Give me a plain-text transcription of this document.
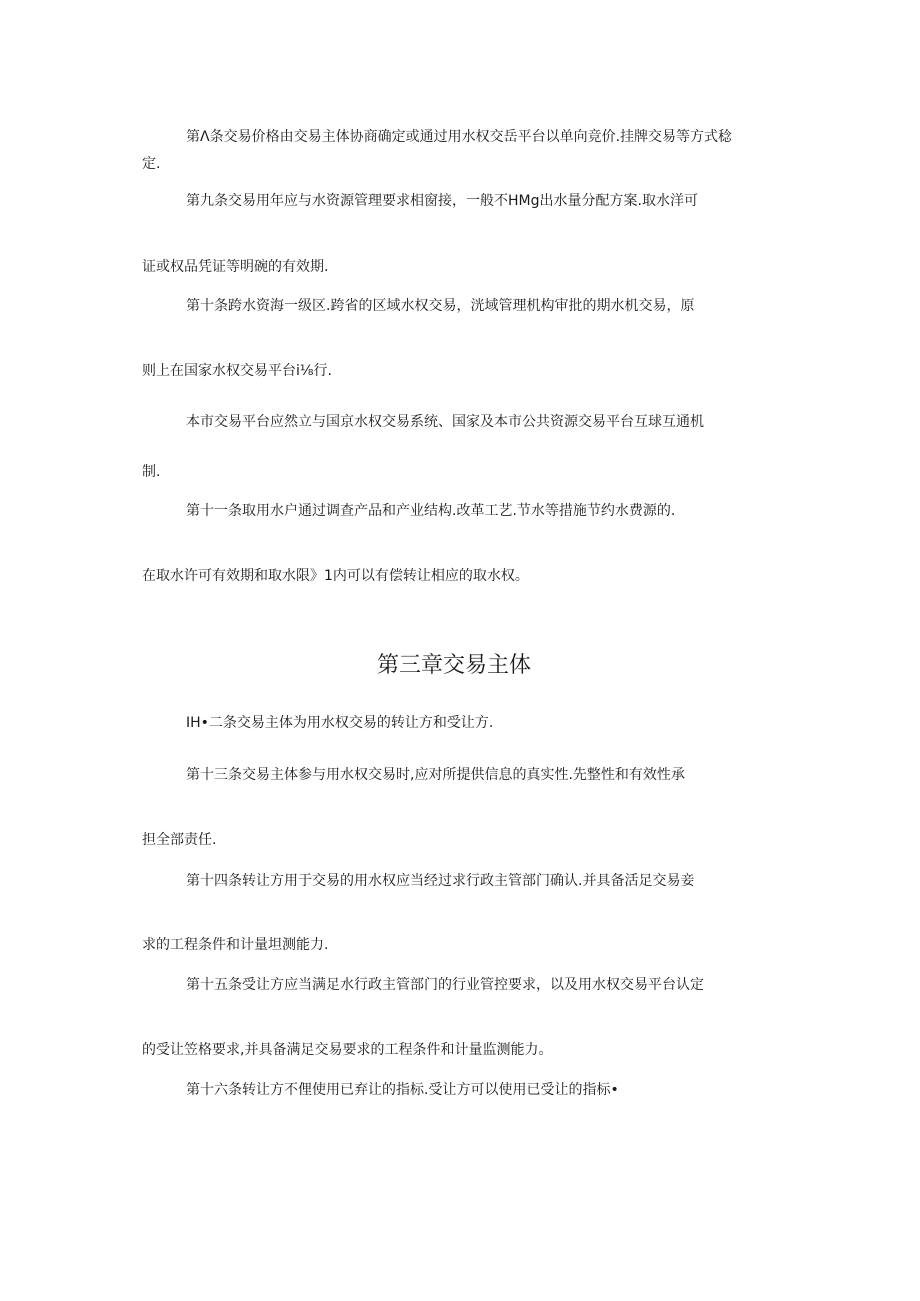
第Λ条交易价格由交易主体协商确定或通过用水权交岳平台以单向竞价.挂牌交易等方式稔
定.
第九条交易用年应与水资源管理要求相窗接，一般不HMg出水量分配方案.取水洋可
证或权品凭证等明碗的有效期.
第十条跨水资海一级区.跨省的区域水权交易，洸域管理机构审批的期水机交易，原
则上在国家水权交易平台i⅛行.
本市交易平台应然立与国京水权交易系统、国家及本市公共资源交易平台互球互通机
制.
第十一条取用水户通过调查产品和产业结构.改革工艺.节水等措施节约水费源的.
在取水许可有效期和取水限》1内可以有偿转让相应的取水权。
第三章交易主体
IH•二条交易主体为用水权交易的转让方和受让方.
第十三条交易主体参与用水权交易时,应对所提供信息的真实性.先整性和有效性承
担全部责任.
第十四条转让方用于交易的用水权应当经过求行政主管部门确认.并具备活足交易妾
求的工程条件和计量坦测能力.
第十五条受让方应当满足水行政主管部门的行业管控要求，以及用水权交易平台认定
的受让笠格要求,并具备满足交易要求的工程条件和计量监测能力。
第十六条转让方不俚使用已弃让的指标.受让方可以使用已受让的指标•
